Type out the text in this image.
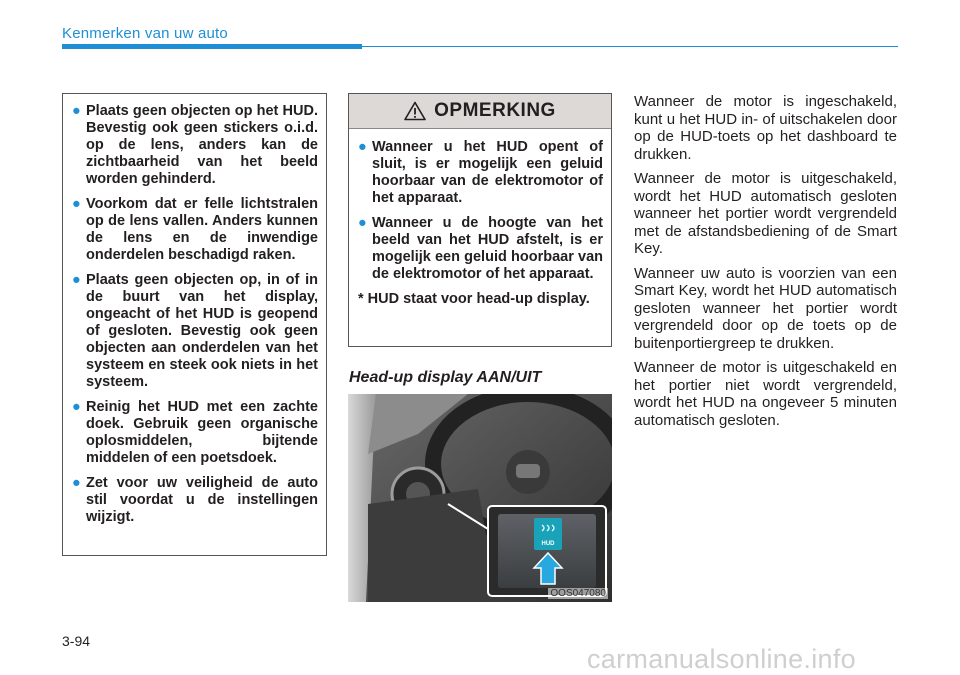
Kenmerken van uw auto
● Plaats geen objecten op het HUD. Bevestig ook geen stickers o.i.d. op de lens, anders kan de zichtbaarheid van het beeld worden gehinderd.
● Voorkom dat er felle lichtstralen op de lens vallen. Anders kunnen de lens en de inwendige onderdelen beschadigd raken.
● Plaats geen objecten op, in of in de buurt van het display, ongeacht of het HUD is geopend of gesloten. Bevestig ook geen objecten aan onderdelen van het systeem en steek ook niets in het systeem.
● Reinig het HUD met een zachte doek. Gebruik geen organische oplosmiddelen, bijtende middelen of een poetsdoek.
● Zet voor uw veiligheid de auto stil voordat u de instellingen wijzigt.
OPMERKING
● Wanneer u het HUD opent of sluit, is er mogelijk een geluid hoorbaar van de elektromotor of het apparaat.
● Wanneer u de hoogte van het beeld van het HUD afstelt, is er mogelijk een geluid hoorbaar van de elektromotor of het apparaat.
* HUD staat voor head-up display.
Head-up display AAN/UIT
HUD
OOS047080

Wanneer de motor is ingeschakeld, kunt u het HUD in- of uitschakelen door op de HUD-toets op het dashboard te drukken.

Wanneer de motor is uitgeschakeld, wordt het HUD automatisch gesloten wanneer het portier wordt vergrendeld met de afstandsbediening of de Smart Key.

Wanneer uw auto is voorzien van een Smart Key, wordt het HUD automatisch gesloten wanneer het portier wordt vergrendeld door op de toets op de buitenportiergreep te drukken.

Wanneer de motor is uitgeschakeld en het portier niet wordt vergrendeld, wordt het HUD na ongeveer 5 minuten automatisch gesloten.

3-94
carmanualsonline.info
